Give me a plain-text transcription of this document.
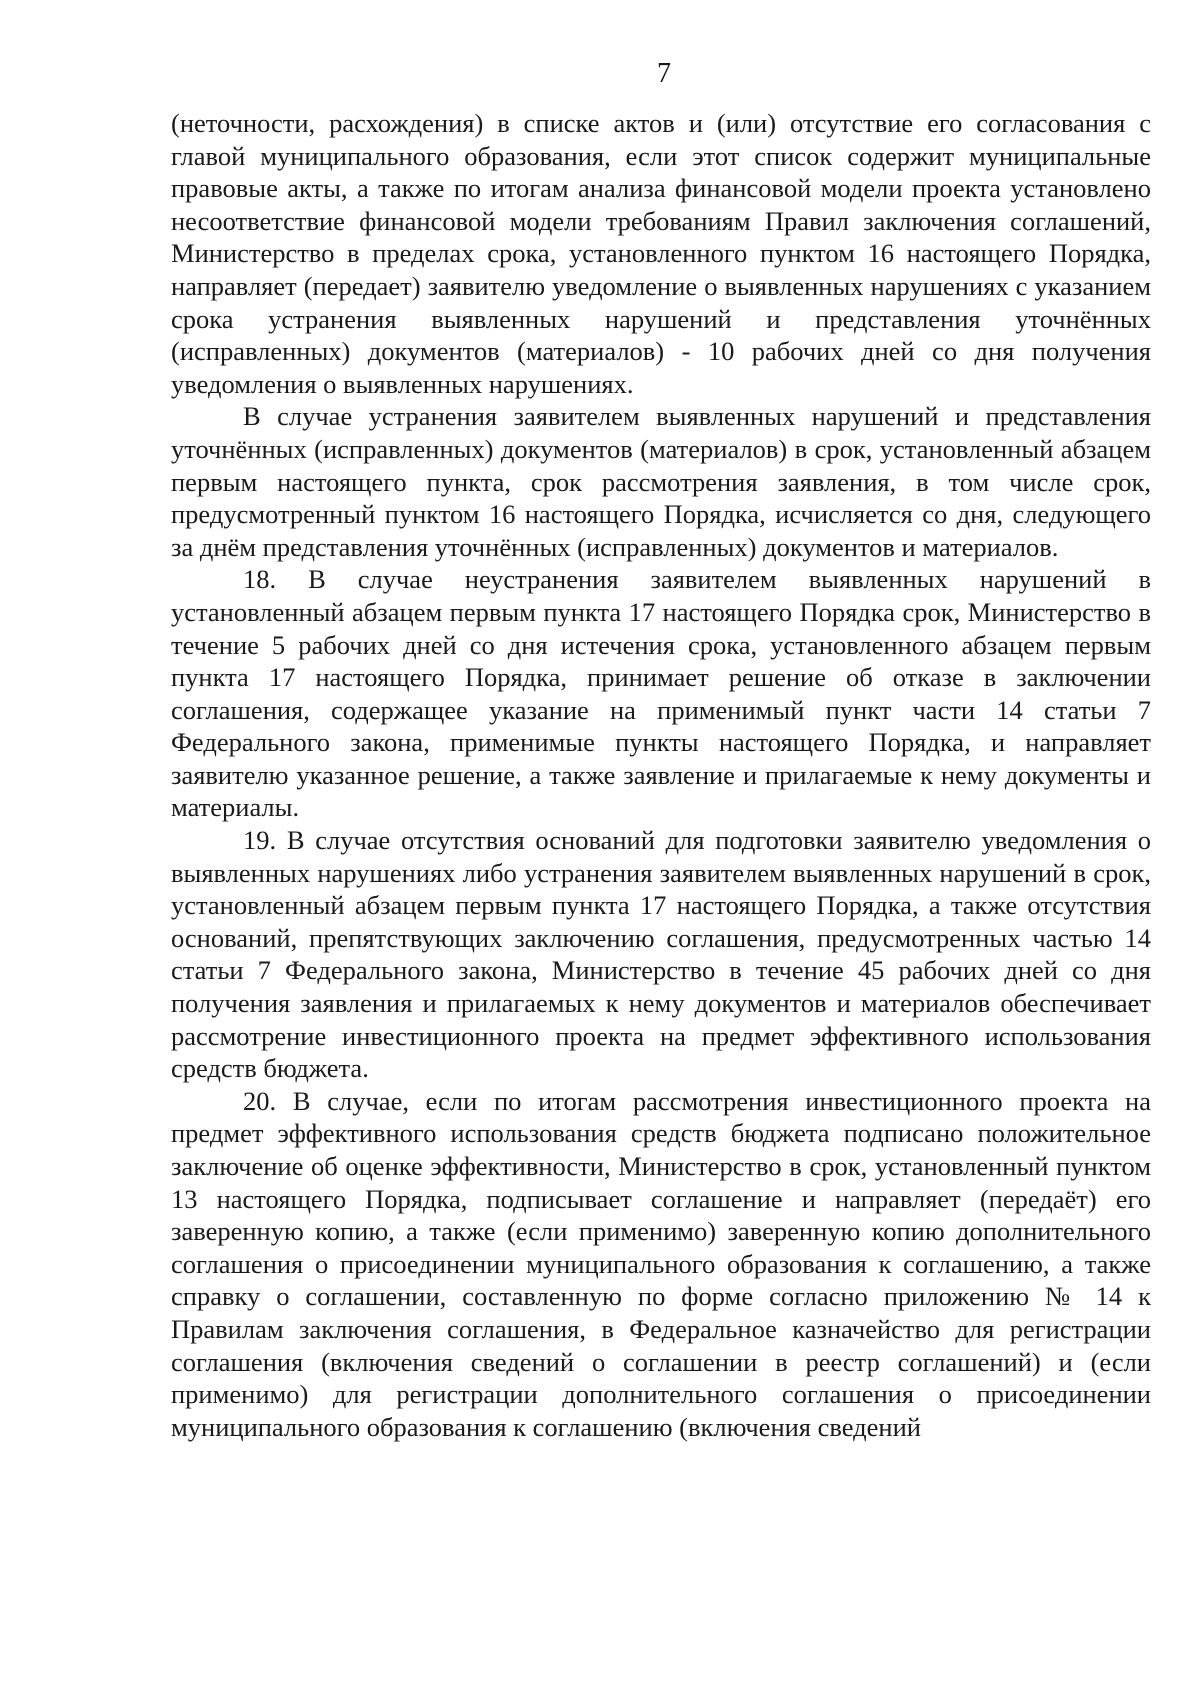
7

(неточности, расхождения) в списке актов и (или) отсутствие его согласования с главой муниципального образования, если этот список содержит муниципальные правовые акты, а также по итогам анализа финансовой модели проекта установлено несоответствие финансовой модели требованиям Правил заключения соглашений, Министерство в пределах срока, установленного пунктом 16 настоящего Порядка, направляет (передает) заявителю уведомление о выявленных нарушениях с указанием срока устранения выявленных нарушений и представления уточнённых (исправленных) документов (материалов) - 10 рабочих дней со дня получения уведомления о выявленных нарушениях.

В случае устранения заявителем выявленных нарушений и представления уточнённых (исправленных) документов (материалов) в срок, установленный абзацем первым настоящего пункта, срок рассмотрения заявления, в том числе срок, предусмотренный пунктом 16 настоящего Порядка, исчисляется со дня, следующего за днём представления уточнённых (исправленных) документов и материалов.

18. В случае неустранения заявителем выявленных нарушений в установленный абзацем первым пункта 17 настоящего Порядка срок, Министерство в течение 5 рабочих дней со дня истечения срока, установленного абзацем первым пункта 17 настоящего Порядка, принимает решение об отказе в заключении соглашения, содержащее указание на применимый пункт части 14 статьи 7 Федерального закона, применимые пункты настоящего Порядка, и направляет заявителю указанное решение, а также заявление и прилагаемые к нему документы и материалы.

19. В случае отсутствия оснований для подготовки заявителю уведомления о выявленных нарушениях либо устранения заявителем выявленных нарушений в срок, установленный абзацем первым пункта 17 настоящего Порядка, а также отсутствия оснований, препятствующих заключению соглашения, предусмотренных частью 14 статьи 7 Федерального закона, Министерство в течение 45 рабочих дней со дня получения заявления и прилагаемых к нему документов и материалов обеспечивает рассмотрение инвестиционного проекта на предмет эффективного использования средств бюджета.

20. В случае, если по итогам рассмотрения инвестиционного проекта на предмет эффективного использования средств бюджета подписано положительное заключение об оценке эффективности, Министерство в срок, установленный пунктом 13 настоящего Порядка, подписывает соглашение и направляет (передаёт) его заверенную копию, а также (если применимо) заверенную копию дополнительного соглашения о присоединении муниципального образования к соглашению, а также справку о соглашении, составленную по форме согласно приложению № 14 к Правилам заключения соглашения, в Федеральное казначейство для регистрации соглашения (включения сведений о соглашении в реестр соглашений) и (если применимо) для регистрации дополнительного соглашения о присоединении муниципального образования к соглашению (включения сведений
